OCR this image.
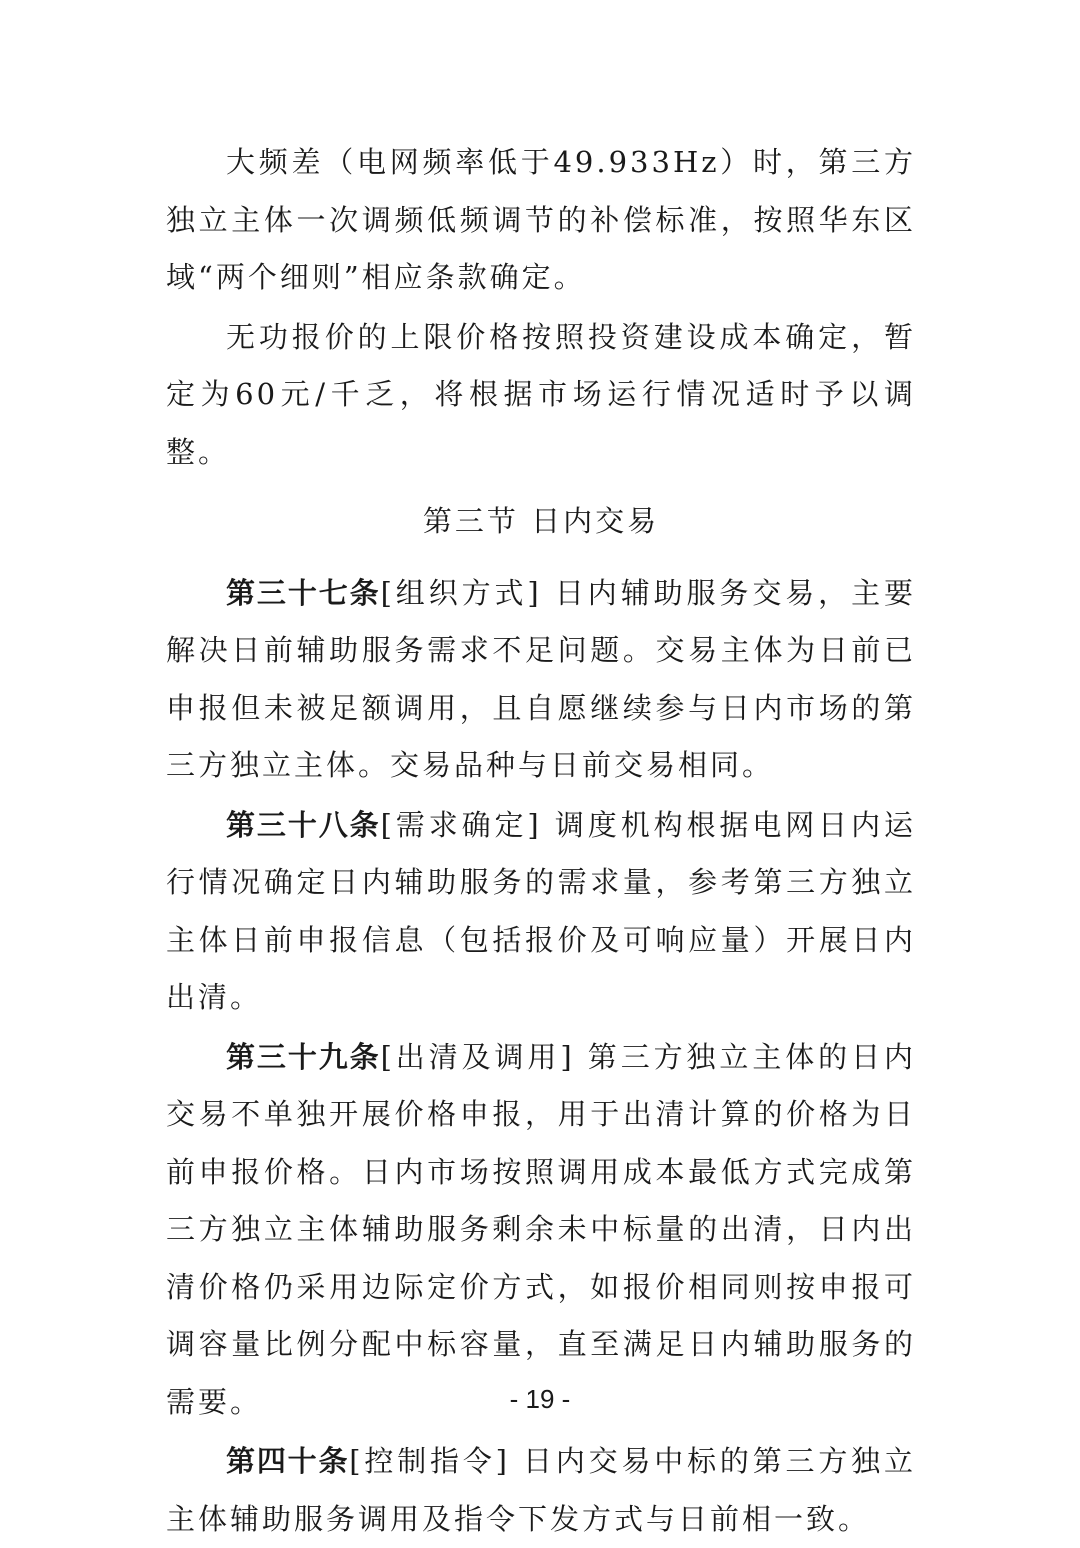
大频差（电网频率低于49.933Hz）时，第三方独立主体一次调频低频调节的补偿标准，按照华东区域“两个细则”相应条款确定。

无功报价的上限价格按照投资建设成本确定，暂定为60元/千乏，将根据市场运行情况适时予以调整。

第三节 日内交易

第三十七条[组织方式] 日内辅助服务交易，主要解决日前辅助服务需求不足问题。交易主体为日前已申报但未被足额调用，且自愿继续参与日内市场的第三方独立主体。交易品种与日前交易相同。

第三十八条[需求确定] 调度机构根据电网日内运行情况确定日内辅助服务的需求量，参考第三方独立主体日前申报信息（包括报价及可响应量）开展日内出清。

第三十九条[出清及调用] 第三方独立主体的日内交易不单独开展价格申报，用于出清计算的价格为日前申报价格。日内市场按照调用成本最低方式完成第三方独立主体辅助服务剩余未中标量的出清，日内出清价格仍采用边际定价方式，如报价相同则按申报可调容量比例分配中标容量，直至满足日内辅助服务的需要。

第四十条[控制指令] 日内交易中标的第三方独立主体辅助服务调用及指令下发方式与日前相一致。

- 19 -
